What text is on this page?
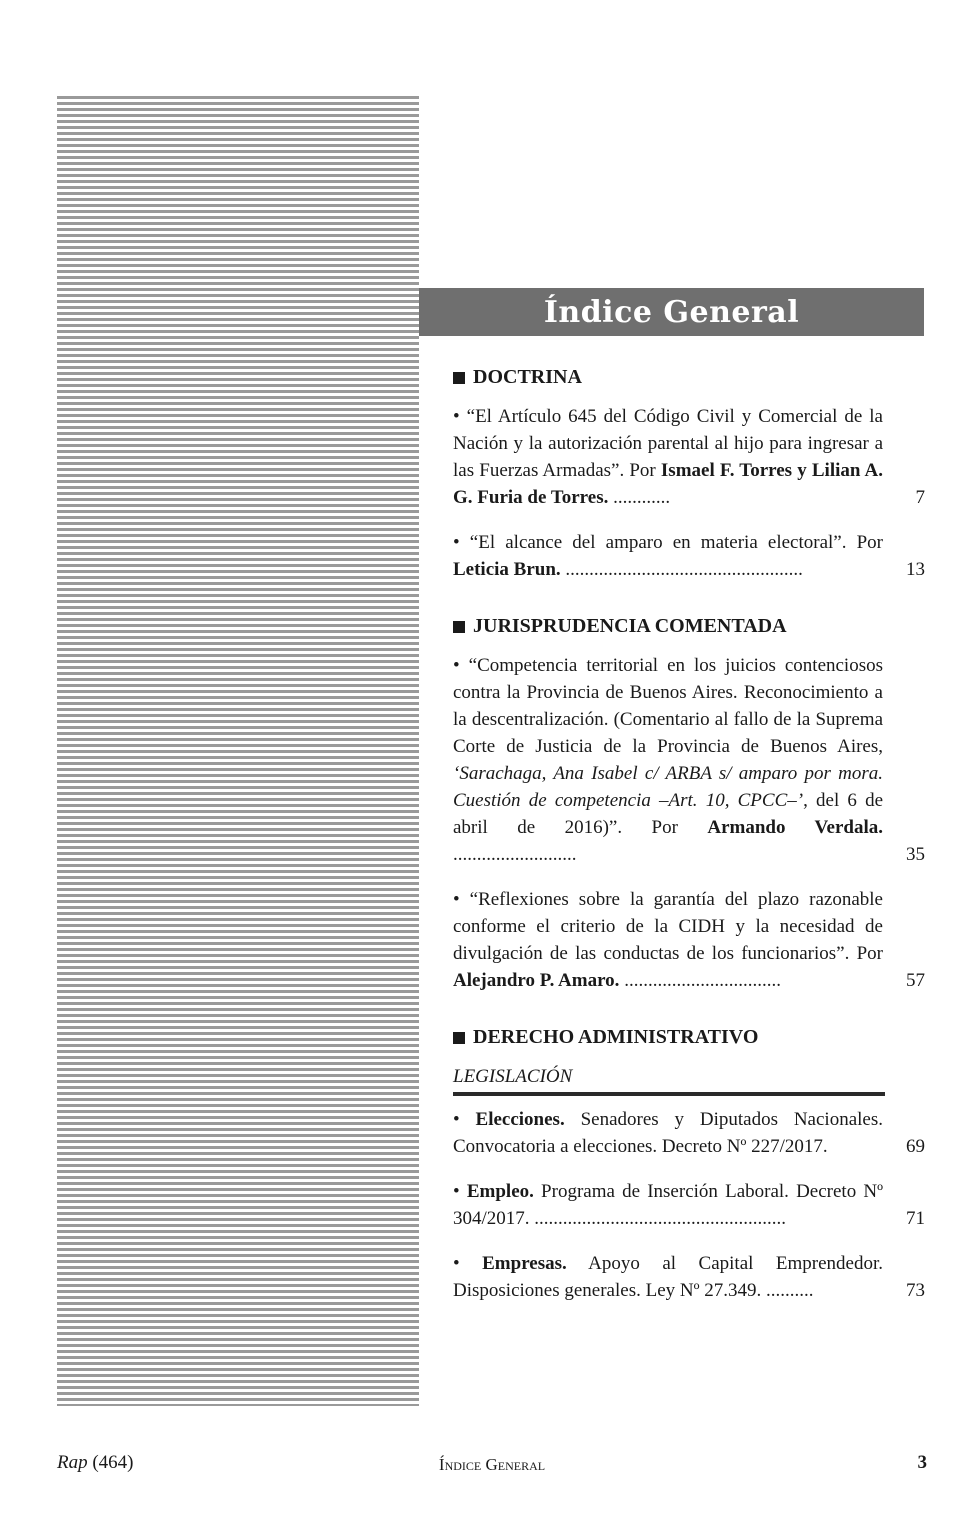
Índice General
DOCTRINA
• “El Artículo 645 del Código Civil y Comercial de la Nación y la autorización parental al hijo para ingresar a las Fuerzas Armadas”. Por Ismael F. Torres y Lilian A. G. Furia de Torres. ............	7
• “El alcance del amparo en materia electoral”. Por Leticia Brun. ..................................................	13
JURISPRUDENCIA COMENTADA
• “Competencia territorial en los juicios contenciosos contra la Provincia de Buenos Aires. Reconocimiento a la descentralización. (Comentario al fallo de la Suprema Corte de Justicia de la Provincia de Buenos Aires, ‘Sarachaga, Ana Isabel c/ ARBA s/ amparo por mora. Cuestión de competencia –Art. 10, CPCC–’, del 6 de abril de 2016)”. Por Armando Verdala. ..........................	35
• “Reflexiones sobre la garantía del plazo razonable conforme el criterio de la CIDH y la necesidad de divulgación de las conductas de los funcionarios”. Por Alejandro P. Amaro. .................................	57
DERECHO ADMINISTRATIVO
LEGISLACIÓN
• Elecciones. Senadores y Diputados Nacionales. Convocatoria a elecciones. Decreto Nº 227/2017.	69
• Empleo. Programa de Inserción Laboral. Decreto Nº 304/2017. .....................................................	71
• Empresas. Apoyo al Capital Emprendedor. Disposiciones generales. Ley Nº 27.349. ..........	73
Rap (464)	Índice General	3
